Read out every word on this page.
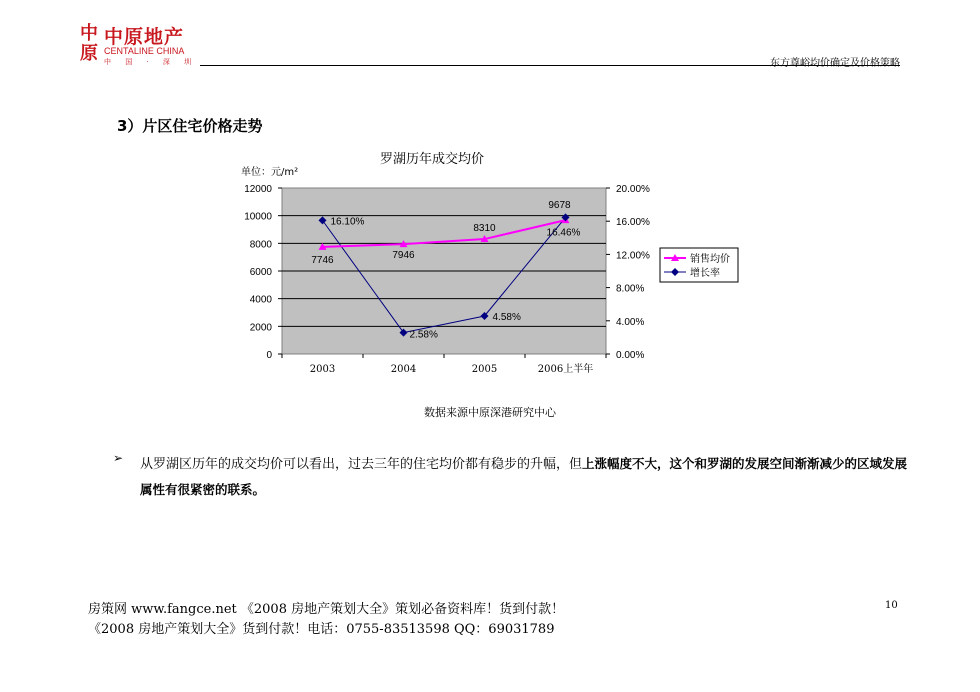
中
原
中原地产
CENTALINE CHINA
中 国 · 深 圳	东方尊峪均价确定及价格策略
3）片区住宅价格走势
罗湖历年成交均价
单位：元/m²
0
2000
4000
6000
8000
10000
12000
0.00%
4.00%
8.00%
12.00%
16.00%
20.00%
2003	2004	2005	2006上半年
7746	7946
8310
9678
16.10%
2.58%
4.58%
16.46%
销售均价
增长率
数据来源中原深港研究中心
➢ 从罗湖区历年的成交均价可以看出，过去三年的住宅均价都有稳步的升幅，但上涨幅度不大，这个和罗湖的发展空间渐渐减少的区域发展属性有很紧密的联系。
房策网 www.fangce.net 《2008 房地产策划大全》策划必备资料库！货到付款！
《2008 房地产策划大全》货到付款！电话：0755-83513598 QQ：69031789
10
